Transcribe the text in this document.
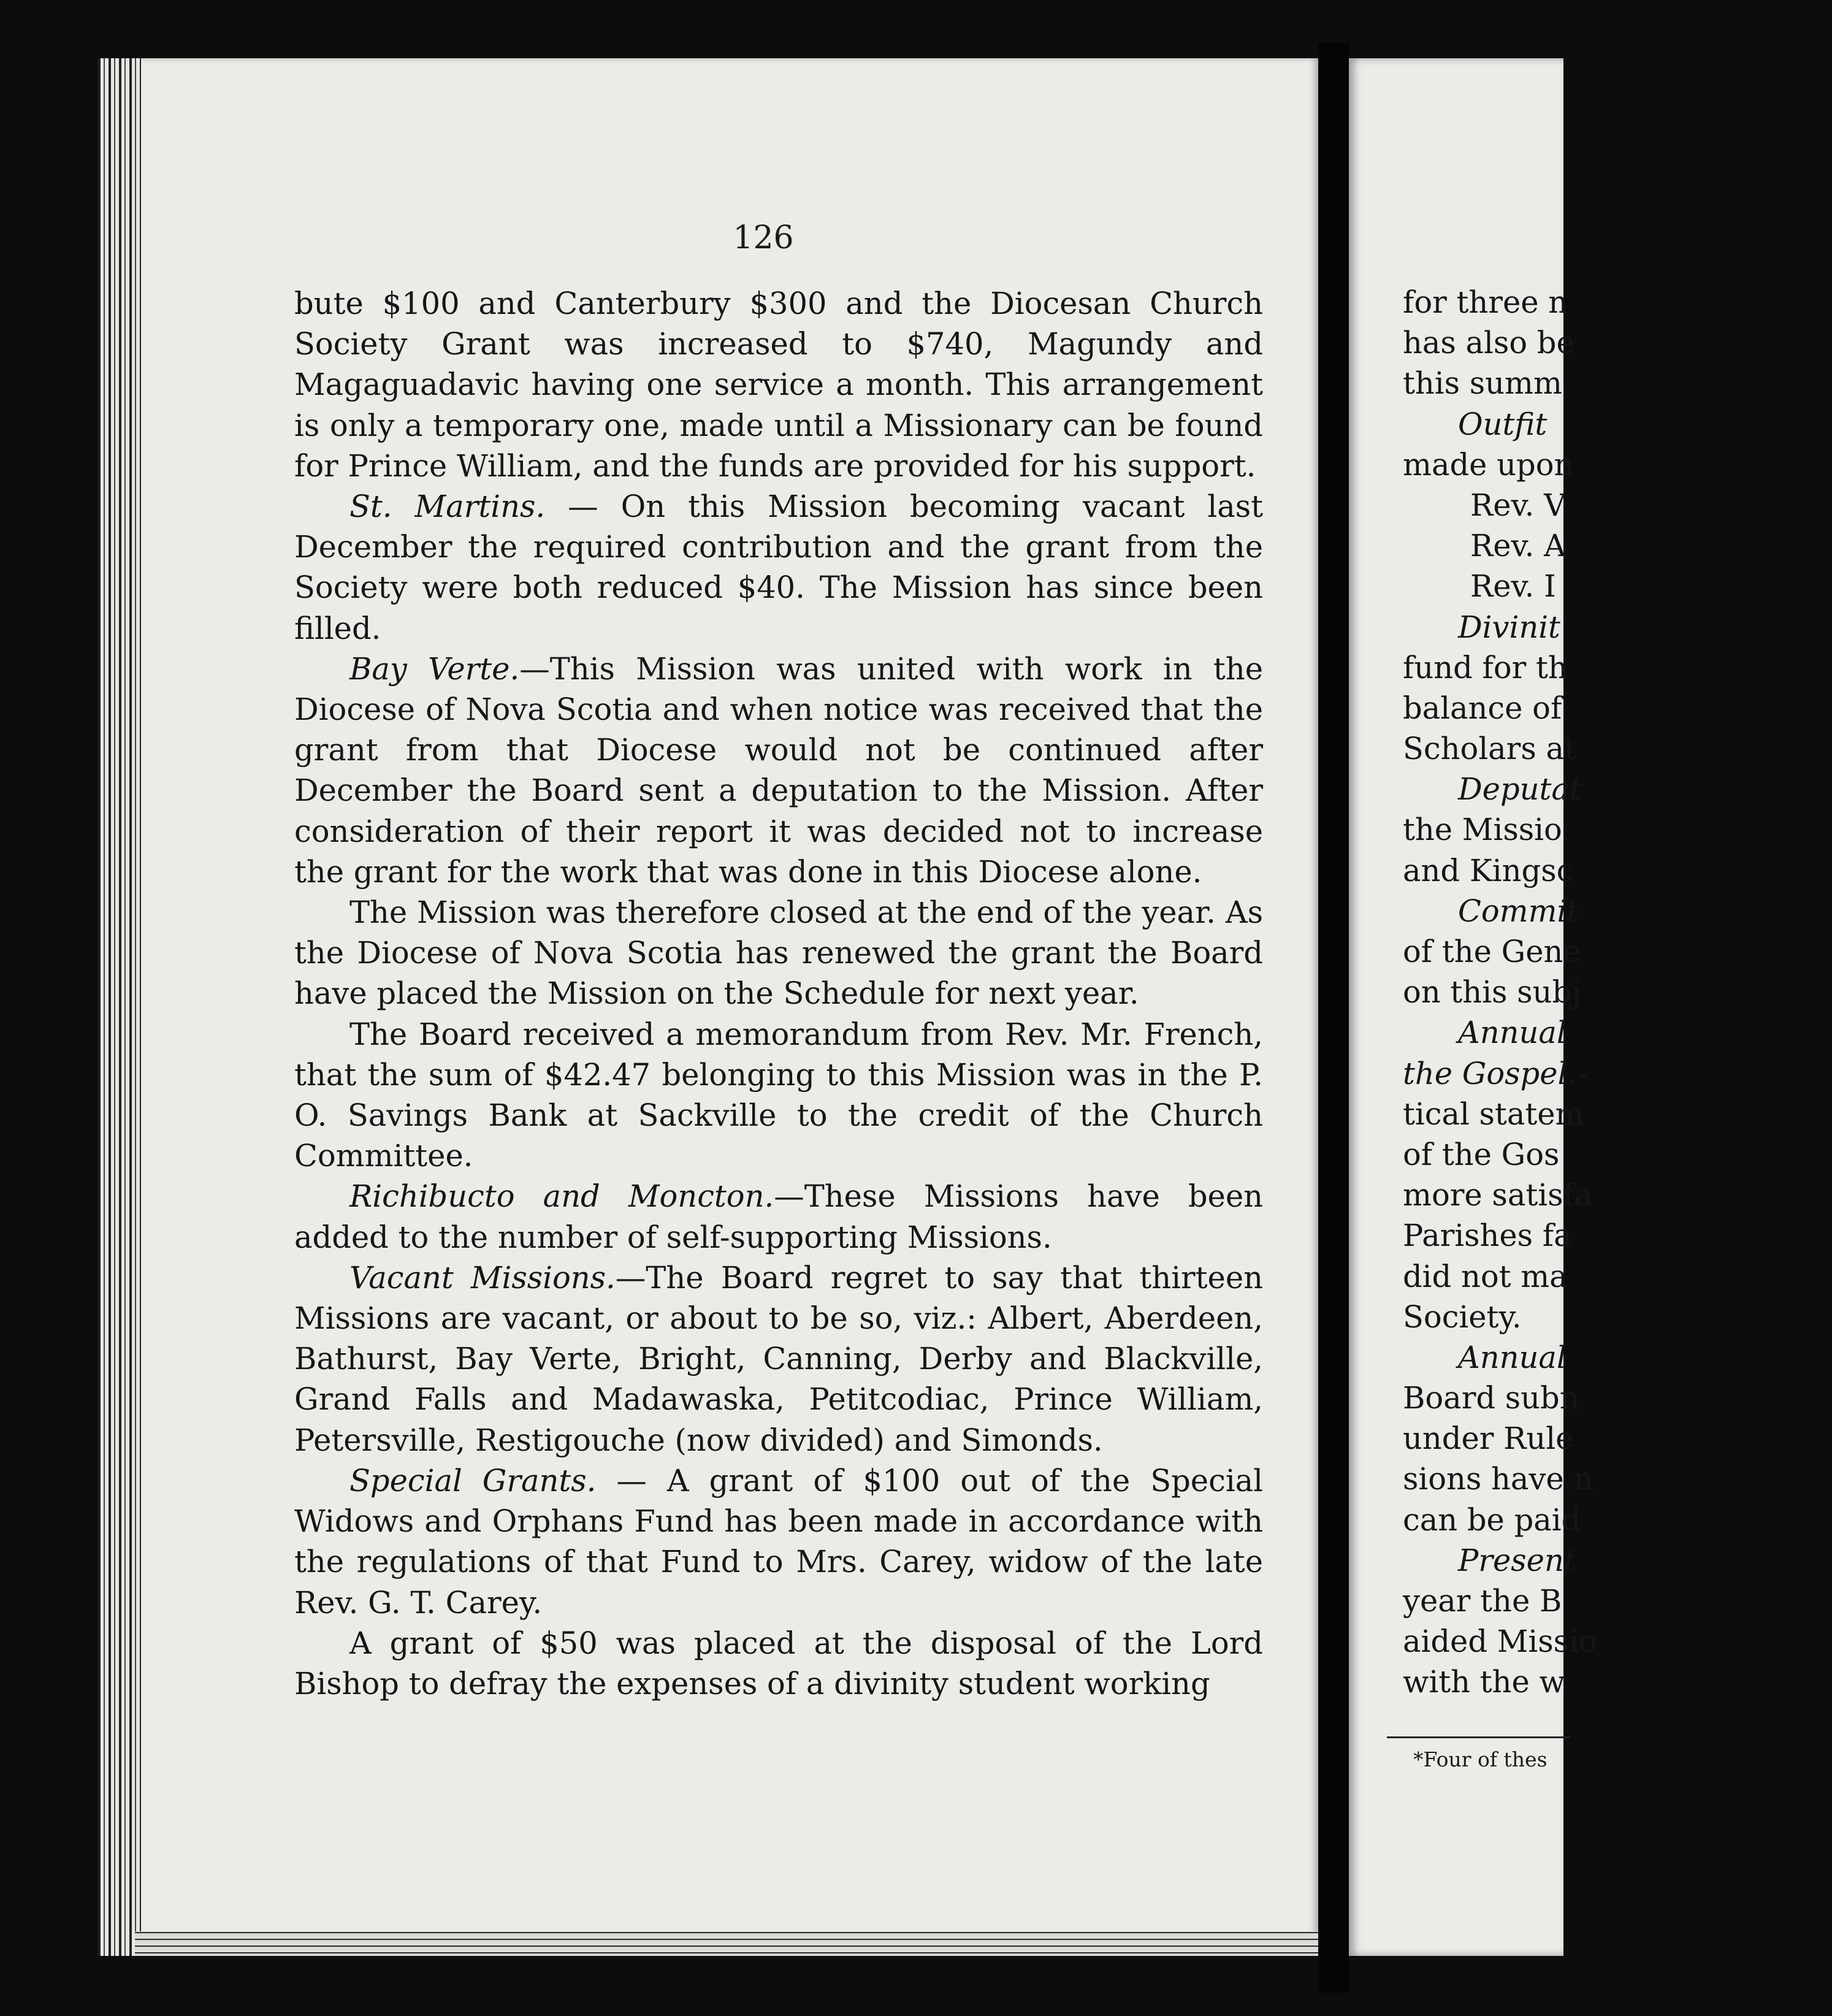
126

bute $100 and Canterbury $300 and the Diocesan Church Society Grant was increased to $740, Magundy and Magaguadavic having one service a month. This arrangement is only a temporary one, made until a Missionary can be found for Prince William, and the funds are provided for his support.

St. Martins. — On this Mission becoming vacant last December the required contribution and the grant from the Society were both reduced $40. The Mission has since been filled.

Bay Verte.—This Mission was united with work in the Diocese of Nova Scotia and when notice was received that the grant from that Diocese would not be continued after December the Board sent a deputation to the Mission. After consideration of their report it was decided not to increase the grant for the work that was done in this Diocese alone.

The Mission was therefore closed at the end of the year. As the Diocese of Nova Scotia has renewed the grant the Board have placed the Mission on the Schedule for next year.

The Board received a memorandum from Rev. Mr. French, that the sum of $42.47 belonging to this Mission was in the P. O. Savings Bank at Sackville to the credit of the Church Committee.

Richibucto and Moncton.—These Missions have been added to the number of self-supporting Missions.

Vacant Missions.—The Board regret to say that thirteen Missions are vacant, or about to be so, viz.: Albert, Aberdeen, Bathurst, Bay Verte, Bright, Canning, Derby and Blackville, Grand Falls and Madawaska, Petitcodiac, Prince William, Petersville, Restigouche (now divided) and Simonds.

Special Grants. — A grant of $100 out of the Special Widows and Orphans Fund has been made in accordance with the regulations of that Fund to Mrs. Carey, widow of the late Rev. G. T. Carey.

A grant of $50 was placed at the disposal of the Lord Bishop to defray the expenses of a divinity student working

for three n
has also be
this summ
Outfit
made upon
Rev. V
Rev. A
Rev. I
Divinit
fund for th
balance of
Scholars at
Deputat
the Missio
and Kingsc
Commit
of the Gene
on this subj
Annual
the Gospel.-
tical statem
of the Gos
more satisfa
Parishes fa
did not ma
Society.
Annual
Board subn
under Rule
sions have n
can be paid
Present
year the B
aided Missio
with the w
*Four of thes
